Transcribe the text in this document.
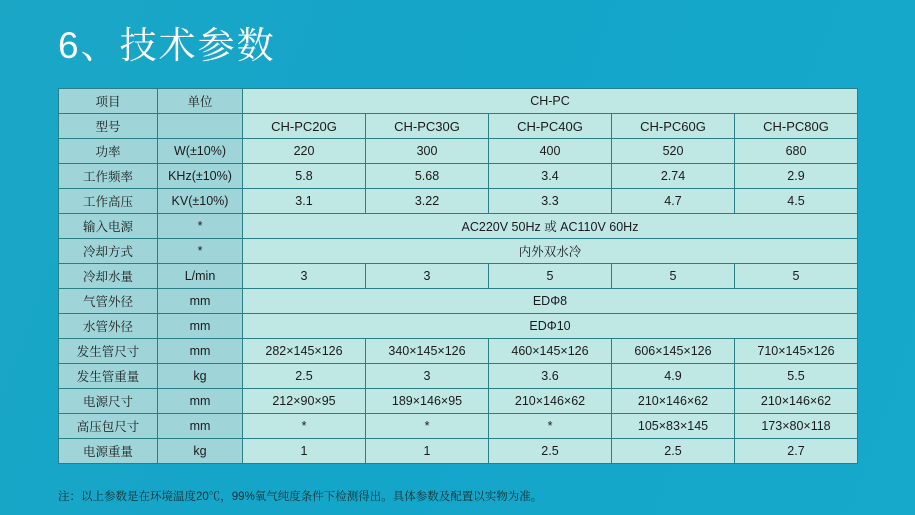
6、技术参数
项目	单位	CH-PC				
型号		CH-PC20G	CH-PC30G	CH-PC40G	CH-PC60G	CH-PC80G
功率	W(±10%)	220	300	400	520	680
工作频率	KHz(±10%)	5.8	5.68	3.4	2.74	2.9
工作高压	KV(±10%)	3.1	3.22	3.3	4.7	4.5
输入电源	*	AC220V 50Hz 或 AC110V 60Hz				
冷却方式	*	内外双水冷				
冷却水量	L/min	3	3	5	5	5
气管外径	mm	EDΦ8				
水管外径	mm	EDΦ10				
发生管尺寸	mm	282×145×126	340×145×126	460×145×126	606×145×126	710×145×126
发生管重量	kg	2.5	3	3.6	4.9	5.5
电源尺寸	mm	212×90×95	189×146×95	210×146×62	210×146×62	210×146×62
高压包尺寸	mm	*	*	*	105×83×145	173×80×118
电源重量	kg	1	1	2.5	2.5	2.7
注：以上参数是在环境温度20℃，99%氧气纯度条件下检测得出。具体参数及配置以实物为准。
